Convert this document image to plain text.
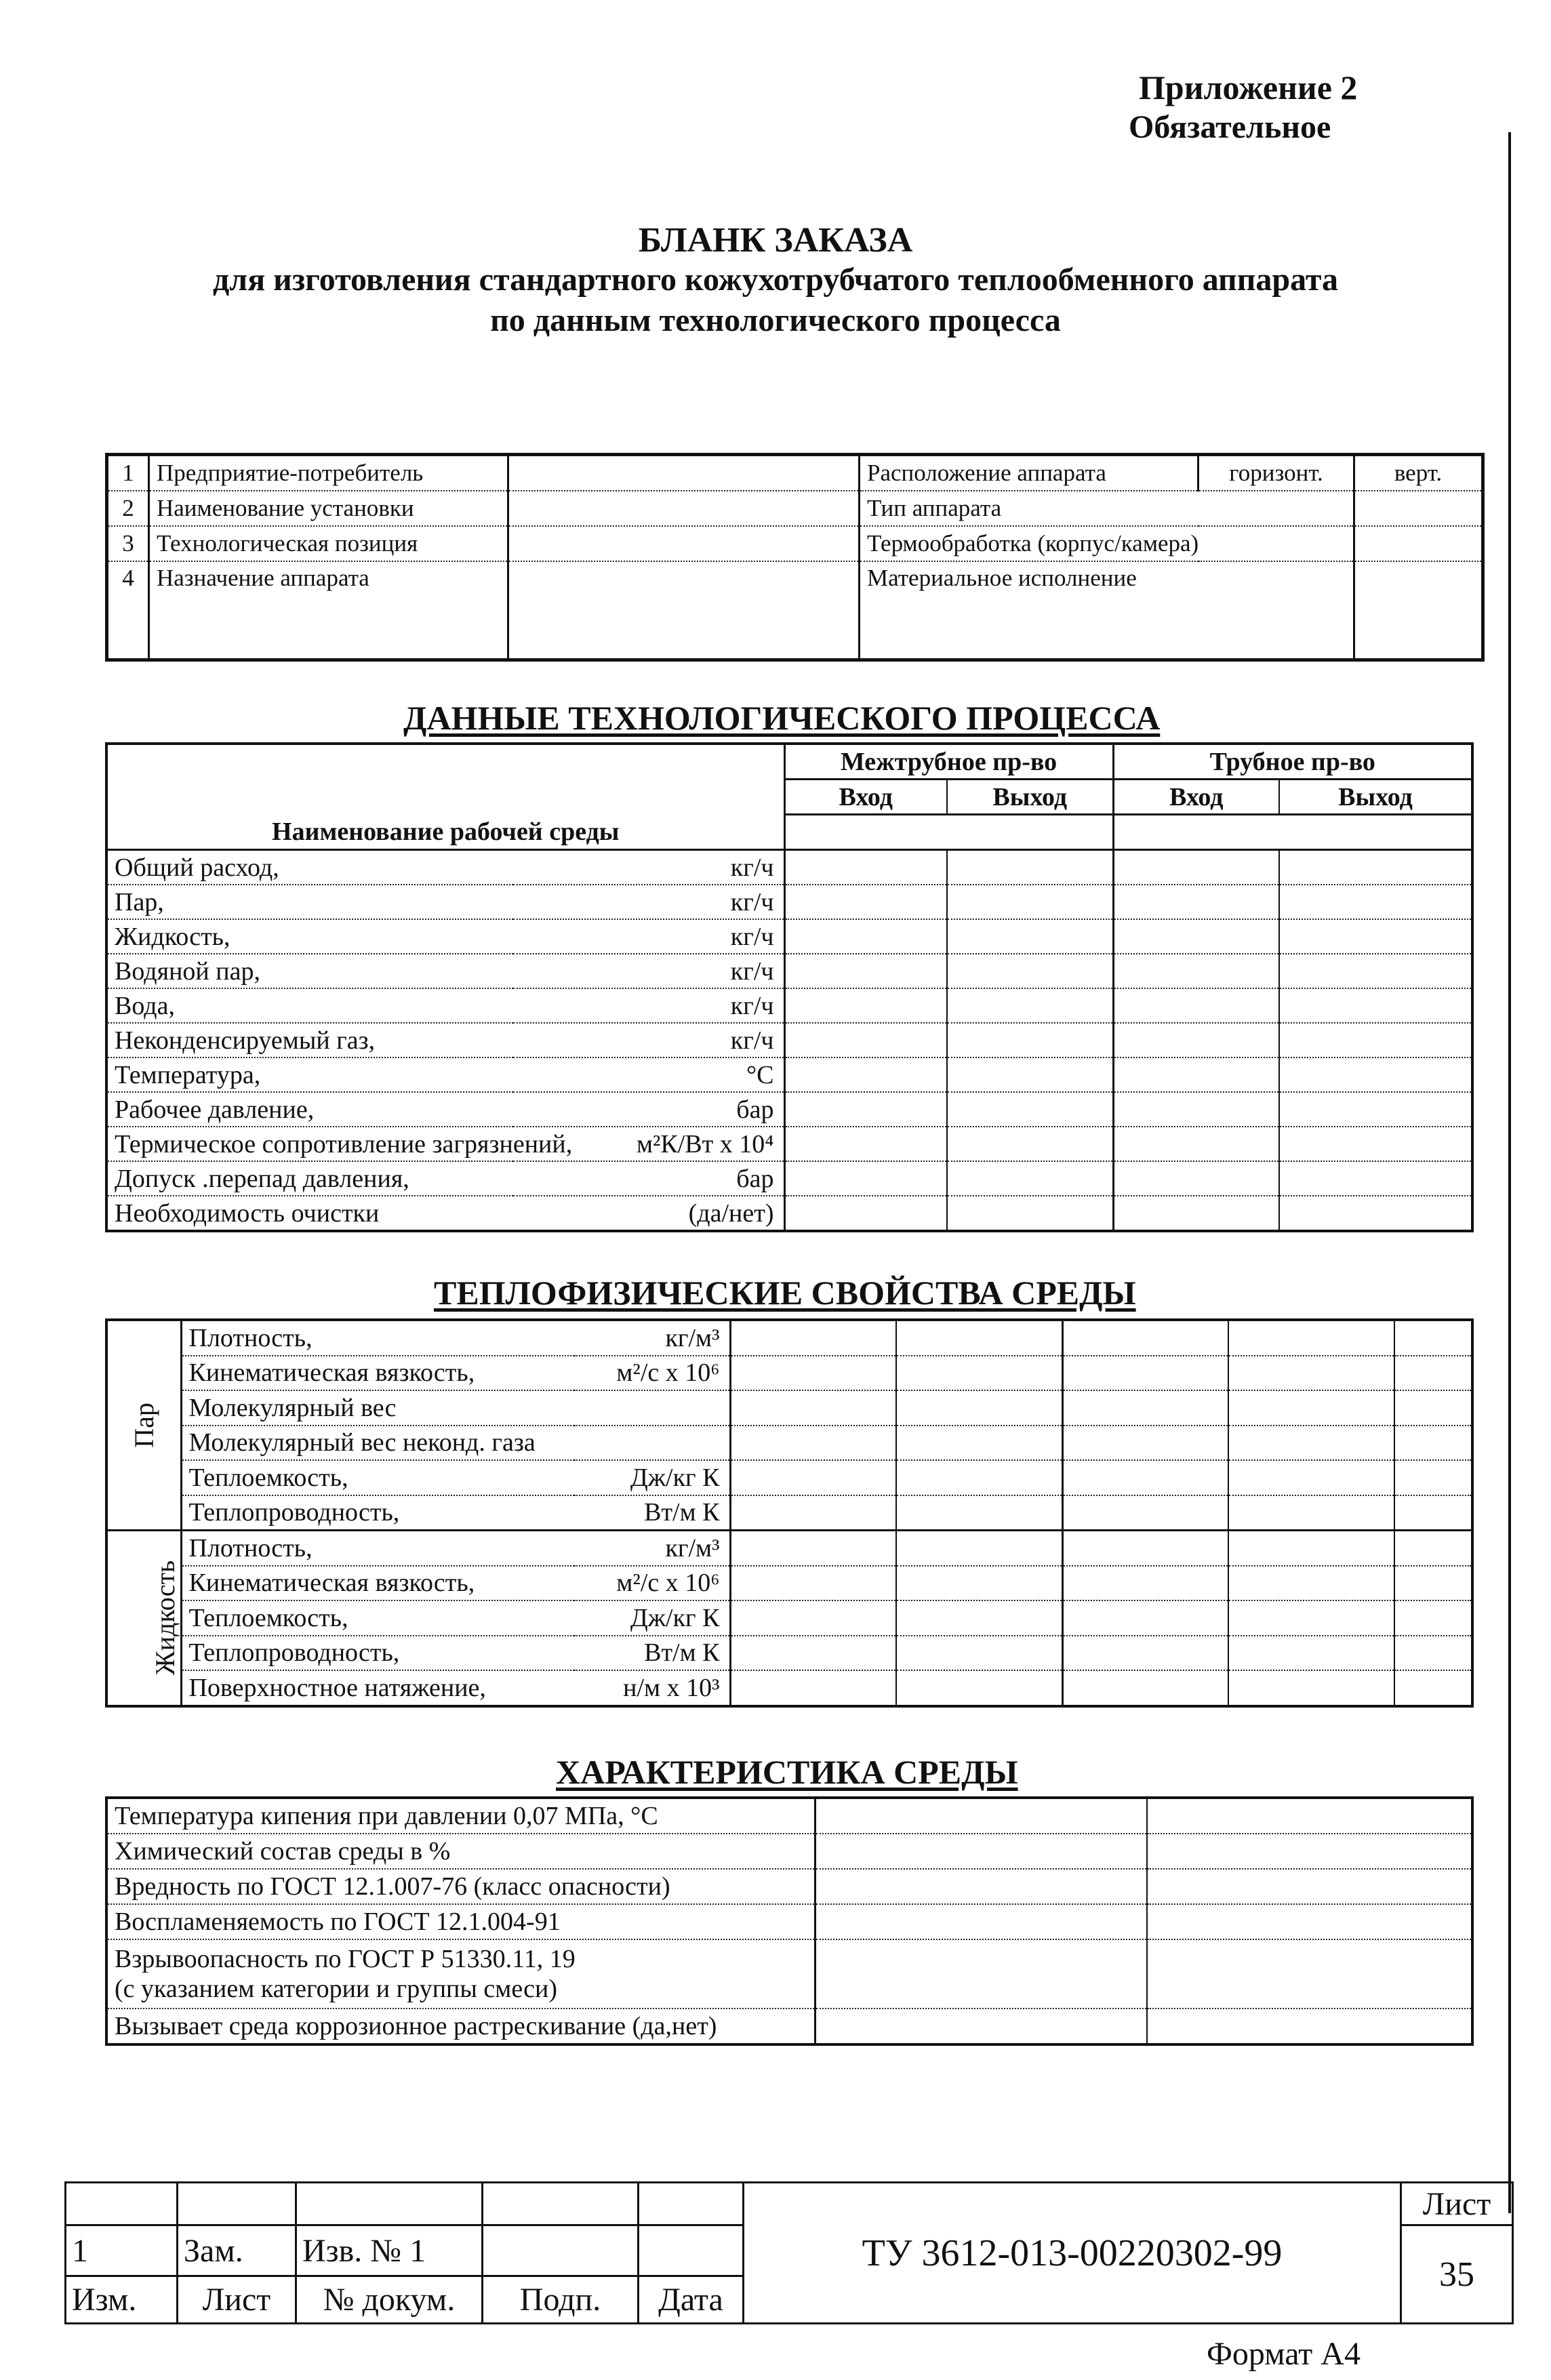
Приложение 2
Обязательное
БЛАНК ЗАКАЗА
для изготовления стандартного кожухотрубчатого теплообменного аппарата
по данным технологического процесса
1	Предприятие-потребитель		Расположение аппарата	горизонт.	верт.
2	Наименование установки		Тип аппарата		
3	Технологическая позиция		Термообработка (корпус/камера)		
4	Назначение аппарата		Материальное исполнение		
ДАННЫЕ ТЕХНОЛОГИЧЕСКОГО ПРОЦЕССА
		Межтрубное пр-во		Трубное пр-во	
		Вход	Выход	Вход	Выход
Наименование рабочей среды					
Общий расход,	кг/ч				
Пар,	кг/ч				
Жидкость,	кг/ч				
Водяной пар,	кг/ч				
Вода,	кг/ч				
Неконденсируемый газ,	кг/ч				
Температура,	°С				
Рабочее давление,	бар				
Термическое сопротивление загрязнений,	м²К/Вт х 10⁴				
Допуск .перепад давления,	бар				
Необходимость очистки	(да/нет)				
ТЕПЛОФИЗИЧЕСКИЕ СВОЙСТВА СРЕДЫ
Пар	Плотность,	кг/м³					
	Кинематическая вязкость,	м²/с х 10⁶					
	Молекулярный вес						
	Молекулярный вес неконд. газа						
	Теплоемкость,	Дж/кг К					
	Теплопроводность,	Вт/м К					
Жидкость	Плотность,	кг/м³					
	Кинематическая вязкость,	м²/с х 10⁶					
	Теплоемкость,	Дж/кг К					
	Теплопроводность,	Вт/м К					
	Поверхностное натяжение,	н/м х 10³					
ХАРАКТЕРИСТИКА СРЕДЫ
Температура кипения при давлении 0,07 МПа, °С		
Химический состав среды в %		
Вредность по ГОСТ 12.1.007-76 (класс опасности)		
Воспламеняемость по ГОСТ 12.1.004-91		

Взрывоопасность по ГОСТ Р 51330.11, 19
(с указанием категории и группы смеси)		

Вызывает среда коррозионное растрескивание (да,нет)		
					ТУ 3612-013-00220302-99	Лист
1	Зам.	Изв. № 1				35
Изм.	Лист	№ докум.	Подп.	Дата		
Формат А4
